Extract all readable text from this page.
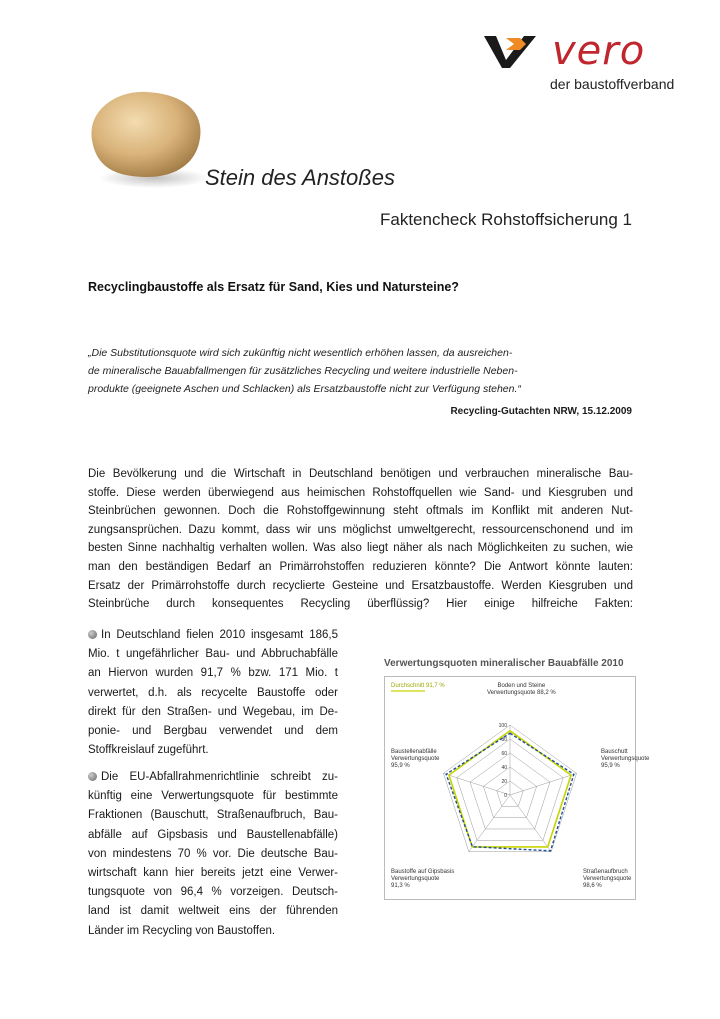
vero
der baustoffverband
Stein des Anstoßes
Faktencheck Rohstoffsicherung 1
Recyclingbaustoffe als Ersatz für Sand, Kies und Natursteine?
„Die Substitutionsquote wird sich zukünftig nicht wesentlich erhöhen lassen, da ausreichen-
de mineralische Bauabfallmengen für zusätzliches Recycling und weitere industrielle Neben-
produkte (geeignete Aschen und Schlacken) als Ersatzbaustoffe nicht zur Verfügung stehen.“
Recycling-Gutachten NRW, 15.12.2009
Die Bevölkerung und die Wirtschaft in Deutschland benötigen und verbrauchen mineralische Bau-
stoffe. Diese werden überwiegend aus heimischen Rohstoffquellen wie Sand- und Kiesgruben und
Steinbrüchen gewonnen. Doch die Rohstoffgewinnung steht oftmals im Konflikt mit anderen Nut-
zungsansprüchen. Dazu kommt, dass wir uns möglichst umweltgerecht, ressourcenschonend und im
besten Sinne nachhaltig verhalten wollen. Was also liegt näher als nach Möglichkeiten zu suchen, wie
man den beständigen Bedarf an Primärrohstoffen reduzieren könnte? Die Antwort könnte lauten:
Ersatz der Primärrohstoffe durch recyclierte Gesteine und Ersatzbaustoffe. Werden Kiesgruben und
Steinbrüche durch konsequentes Recycling überflüssig? Hier einige hilfreiche Fakten:
In Deutschland fielen 2010 insgesamt 186,5
Mio. t ungefährlicher Bau- und Abbruchabfälle
an Hiervon wurden 91,7 % bzw. 171 Mio. t
verwertet, d.h. als recycelte Baustoffe oder
direkt für den Straßen- und Wegebau, im De-
ponie- und Bergbau verwendet und dem
Stoffkreislauf zugeführt.
Die EU-Abfallrahmenrichtlinie schreibt zu-
künftig eine Verwertungsquote für bestimmte
Fraktionen (Bauschutt, Straßenaufbruch, Bau-
abfälle auf Gipsbasis und Baustellenabfälle)
von mindestens 70 % vor. Die deutsche Bau-
wirtschaft kann hier bereits jetzt eine Verwer-
tungsquote von 96,4 % vorzeigen. Deutsch-
land ist damit weltweit eins der führenden
Länder im Recycling von Baustoffen.
Verwertungsquoten mineralischer Bauabfälle 2010
0
20
40
60
80
100
Durchschnitt 91,7 %	Boden und Steine
Verwertungsquote 88,2 %
Bauschutt
Verwertungsquote
95,9 %
Straßenaufbruch
Verwertungsquote
98,6 %
Baustoffe auf Gipsbasis
Verwertungsquote
91,3 %
Baustellenabfälle
Verwertungsquote
95,9 %
